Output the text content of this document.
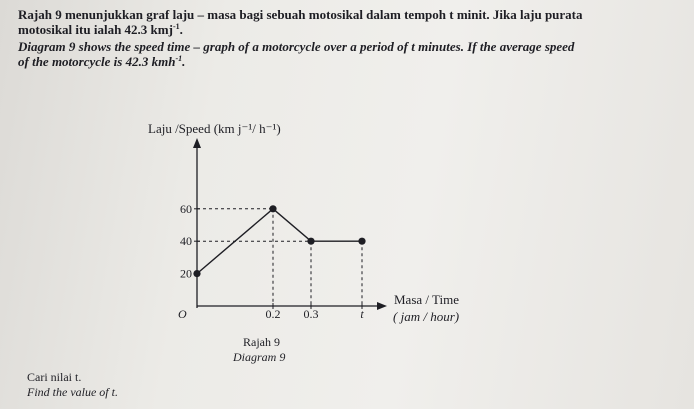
Rajah 9 menunjukkan graf laju – masa bagi sebuah motosikal dalam tempoh t minit. Jika laju purata
motosikal itu ialah 42.3 kmj$^{-1}$.
Diagram 9 shows the speed time – graph of a motorcycle over a period of t minutes. If the average speed
of the motorcycle is 42.3 kmh$^{-1}$.
20
40
60
0.2 0.3	t
Laju /Speed (km j⁻¹/ h⁻¹)
Masa / Time
( jam / hour)
O
Rajah 9
Diagram 9
Cari nilai t.
Find the value of t.
